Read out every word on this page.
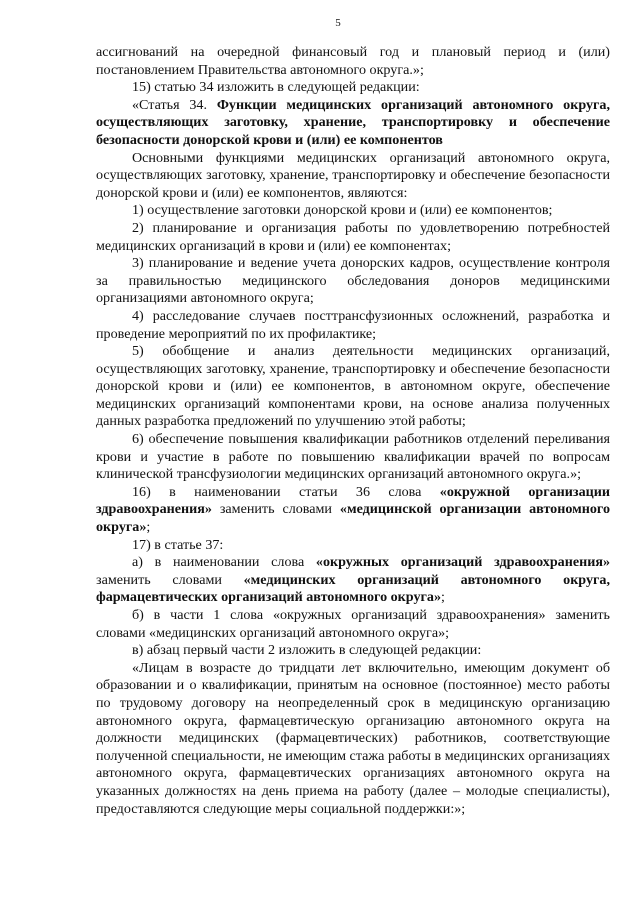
5

ассигнований на очередной финансовый год и плановый период и (или) постановлением Правительства автономного округа.»;

15) статью 34 изложить в следующей редакции:

«Статья 34. Функции медицинских организаций автономного округа, осуществляющих заготовку, хранение, транспортировку и обеспечение безопасности донорской крови и (или) ее компонентов

Основными функциями медицинских организаций автономного округа, осуществляющих заготовку, хранение, транспортировку и обеспечение безопасности донорской крови и (или) ее компонентов, являются:

1) осуществление заготовки донорской крови и (или) ее компонентов;

2) планирование и организация работы по удовлетворению потребностей медицинских организаций в крови и (или) ее компонентах;

3) планирование и ведение учета донорских кадров, осуществление контроля за правильностью медицинского обследования доноров медицинскими организациями автономного округа;

4) расследование случаев посттрансфузионных осложнений, разработка и проведение мероприятий по их профилактике;

5) обобщение и анализ деятельности медицинских организаций, осуществляющих заготовку, хранение, транспортировку и обеспечение безопасности донорской крови и (или) ее компонентов, в автономном округе, обеспечение медицинских организаций компонентами крови, на основе анализа полученных данных разработка предложений по улучшению этой работы;

6) обеспечение повышения квалификации работников отделений переливания крови и участие в работе по повышению квалификации врачей по вопросам клинической трансфузиологии медицинских организаций автономного округа.»;

16) в наименовании статьи 36 слова «окружной организации здравоохранения» заменить словами «медицинской организации автономного округа»;

17) в статье 37:

а) в наименовании слова «окружных организаций здравоохранения» заменить словами «медицинских организаций автономного округа, фармацевтических организаций автономного округа»;

б) в части 1 слова «окружных организаций здравоохранения» заменить словами «медицинских организаций автономного округа»;

в) абзац первый части 2 изложить в следующей редакции:

«Лицам в возрасте до тридцати лет включительно, имеющим документ об образовании и о квалификации, принятым на основное (постоянное) место работы по трудовому договору на неопределенный срок в медицинскую организацию автономного округа, фармацевтическую организацию автономного округа на должности медицинских (фармацевтических) работников, соответствующие полученной специальности, не имеющим стажа работы в медицинских организациях автономного округа, фармацевтических организациях автономного округа на указанных должностях на день приема на работу (далее – молодые специалисты), предоставляются следующие меры социальной поддержки:»;
